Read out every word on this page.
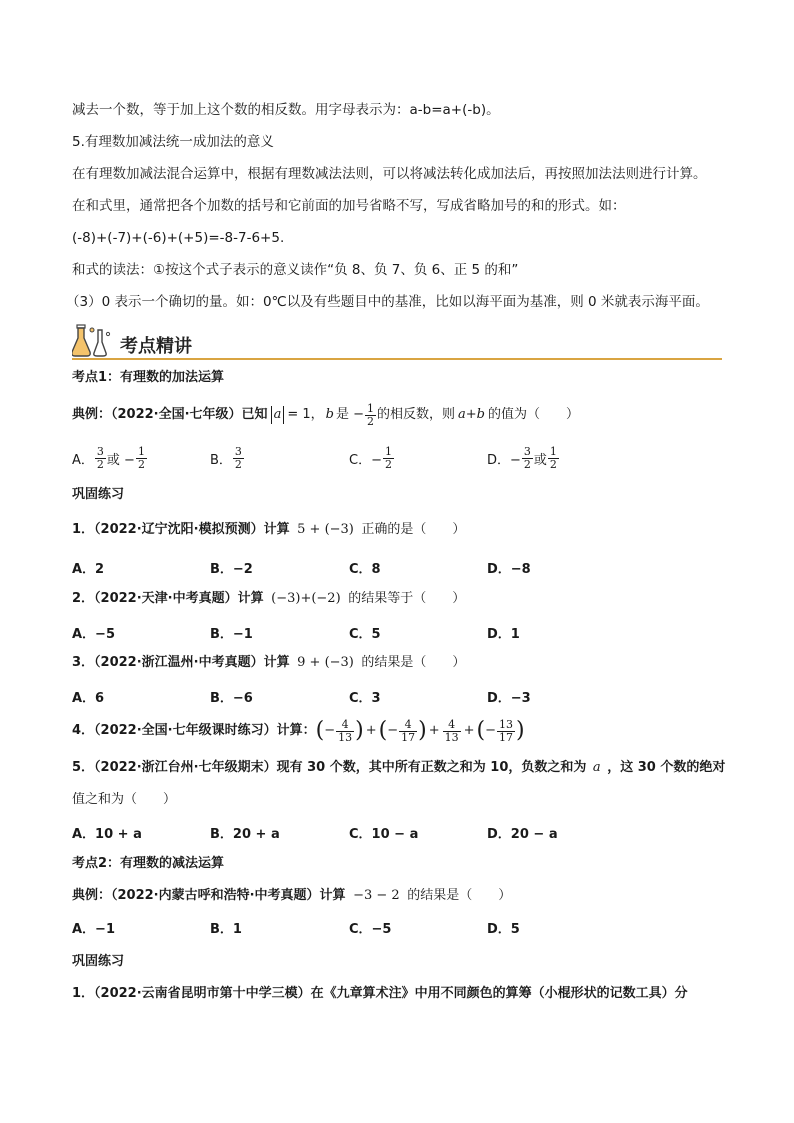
减去一个数，等于加上这个数的相反数。用字母表示为：a-b=a+(-b)。
5.有理数加减法统一成加法的意义
在有理数加减法混合运算中，根据有理数减法法则，可以将减法转化成加法后，再按照加法法则进行计算。
在和式里，通常把各个加数的括号和它前面的加号省略不写，写成省略加号的和的形式。如：
(-8)+(-7)+(-6)+(+5)=-8-7-6+5.
和式的读法：①按这个式子表示的意义读作“负 8、负 7、负 6、正 5 的和”
（3）0 表示一个确切的量。如：0℃以及有些题目中的基准，比如以海平面为基准，则 0 米就表示海平面。
考点精讲
考点1：有理数的加法运算
典例：（2022·全国·七年级）已知 a = 1， b 是 − $\frac{1}{2}$ 的相反数，则 a+b 的值为（　　）
A． $\frac{3}{2}$ 或 − $\frac{1}{2}$	B． $\frac{3}{2}$	C．− $\frac{1}{2}$	D．− $\frac{3}{2}$ 或 $\frac{1}{2}$
巩固练习
1．（2022·辽宁沈阳·模拟预测）计算 5 + (−3) 正确的是（　　）
A．2	B．−2	C．8	D．−8
2．（2022·天津·中考真题）计算 (−3)+(−2) 的结果等于（　　）
A．−5	B．−1	C．5	D．1
3．（2022·浙江温州·中考真题）计算 9 + (−3) 的结果是（　　）
A．6	B．−6	C．3	D．−3
4．（2022·全国·七年级课时练习）计算： ( − $\frac{4}{13}$ ) + ( − $\frac{4}{17}$ ) + $\frac{4}{13}$ + ( − $\frac{13}{17}$ )
5．（2022·浙江台州·七年级期末）现有 30 个数，其中所有正数之和为 10，负数之和为 a ，这 30 个数的绝对
值之和为（　　）
A．10 + a	B．20 + a	C．10 − a	D．20 − a
考点2：有理数的减法运算
典例：（2022·内蒙古呼和浩特·中考真题）计算 −3 − 2 的结果是（　　）
A．−1	B．1	C．−5	D．5
巩固练习
1．（2022·云南省昆明市第十中学三模）在《九章算术注》中用不同颜色的算筹（小棍形状的记数工具）分
